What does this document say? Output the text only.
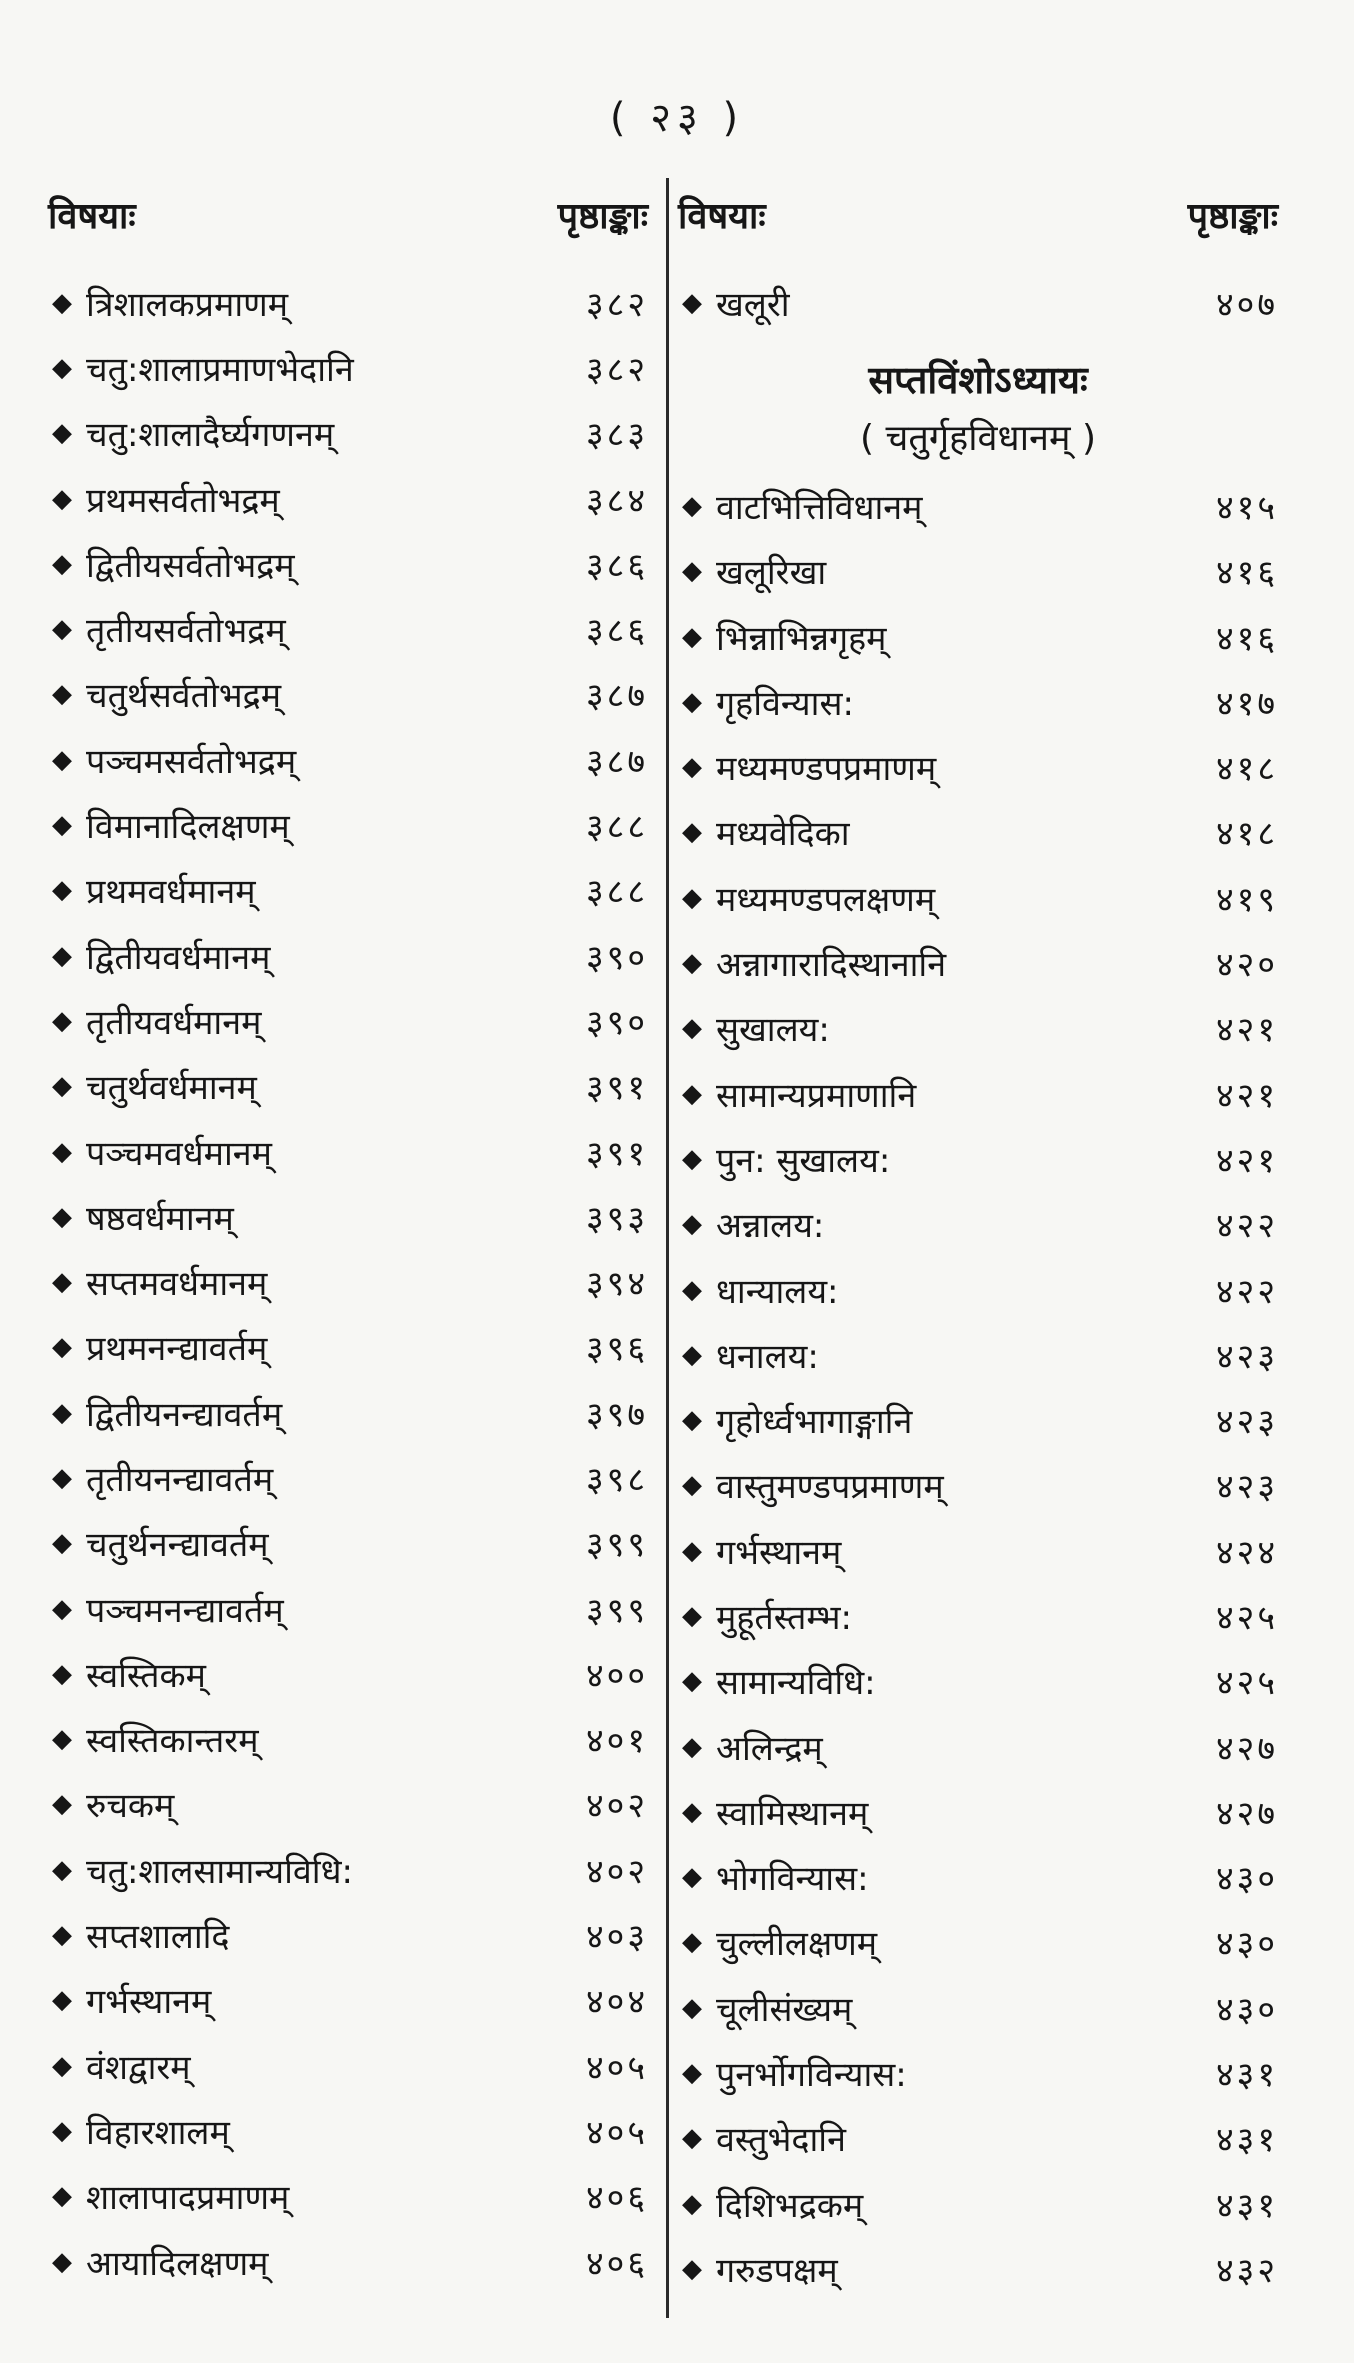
( २३ )
विषयाः	पृष्ठाङ्काः
◆ त्रिशालकप्रमाणम्	३८२
◆ चतु:शालाप्रमाणभेदानि	३८२
◆ चतु:शालादैर्घ्यगणनम्	३८३
◆ प्रथमसर्वतोभद्रम्	३८४
◆ द्वितीयसर्वतोभद्रम्	३८६
◆ तृतीयसर्वतोभद्रम्	३८६
◆ चतुर्थसर्वतोभद्रम्	३८७
◆ पञ्चमसर्वतोभद्रम्	३८७
◆ विमानादिलक्षणम्	३८८
◆ प्रथमवर्धमानम्	३८८
◆ द्वितीयवर्धमानम्	३९०
◆ तृतीयवर्धमानम्	३९०
◆ चतुर्थवर्धमानम्	३९१
◆ पञ्चमवर्धमानम्	३९१
◆ षष्ठवर्धमानम्	३९३
◆ सप्तमवर्धमानम्	३९४
◆ प्रथमनन्द्यावर्तम्	३९६
◆ द्वितीयनन्द्यावर्तम्	३९७
◆ तृतीयनन्द्यावर्तम्	३९८
◆ चतुर्थनन्द्यावर्तम्	३९९
◆ पञ्चमनन्द्यावर्तम्	३९९
◆ स्वस्तिकम्	४००
◆ स्वस्तिकान्तरम्	४०१
◆ रुचकम्	४०२
◆ चतु:शालसामान्यविधि:	४०२
◆ सप्तशालादि	४०३
◆ गर्भस्थानम्	४०४
◆ वंशद्वारम्	४०५
◆ विहारशालम्	४०५
◆ शालापादप्रमाणम्	४०६
◆ आयादिलक्षणम्	४०६
विषयाः	पृष्ठाङ्काः
◆ खलूरी	४०७
सप्तविंशोऽध्यायः
( चतुर्गृहविधानम् )
◆ वाटभित्तिविधानम्	४१५
◆ खलूरिखा	४१६
◆ भिन्नाभिन्नगृहम्	४१६
◆ गृहविन्यास:	४१७
◆ मध्यमण्डपप्रमाणम्	४१८
◆ मध्यवेदिका	४१८
◆ मध्यमण्डपलक्षणम्	४१९
◆ अन्नागारादिस्थानानि	४२०
◆ सुखालय:	४२१
◆ सामान्यप्रमाणानि	४२१
◆ पुन: सुखालय:	४२१
◆ अन्नालय:	४२२
◆ धान्यालय:	४२२
◆ धनालय:	४२३
◆ गृहोर्ध्वभागाङ्गानि	४२३
◆ वास्तुमण्डपप्रमाणम्	४२३
◆ गर्भस्थानम्	४२४
◆ मुहूर्तस्तम्भ:	४२५
◆ सामान्यविधि:	४२५
◆ अलिन्द्रम्	४२७
◆ स्वामिस्थानम्	४२७
◆ भोगविन्यास:	४३०
◆ चुल्लीलक्षणम्	४३०
◆ चूलीसंख्यम्	४३०
◆ पुनर्भोगविन्यास:	४३१
◆ वस्तुभेदानि	४३१
◆ दिशिभद्रकम्	४३१
◆ गरुडपक्षम्	४३२
